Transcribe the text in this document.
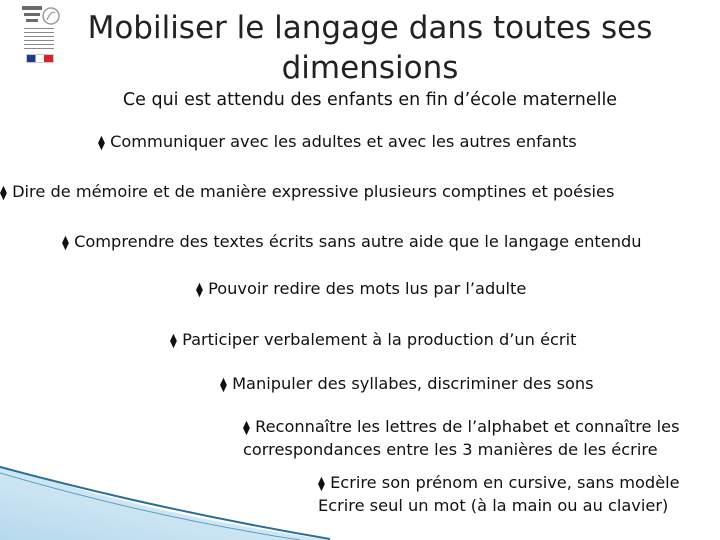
Mobiliser le langage dans toutes ses dimensions
Ce qui est attendu des enfants en fin d’école maternelle
⧫ Communiquer avec les adultes et avec les autres enfants
⧫ Dire de mémoire et de manière expressive plusieurs comptines et poésies
⧫ Comprendre des textes écrits sans autre aide que le langage entendu
⧫ Pouvoir redire des mots lus par l’adulte
⧫ Participer verbalement à la production d’un écrit
⧫ Manipuler des syllabes, discriminer des sons
⧫ Reconnaître les lettres de l’alphabet et connaître les correspondances entre les 3 manières de les écrire
⧫ Ecrire son prénom en cursive, sans modèle
Ecrire seul un mot (à la main ou au clavier)
